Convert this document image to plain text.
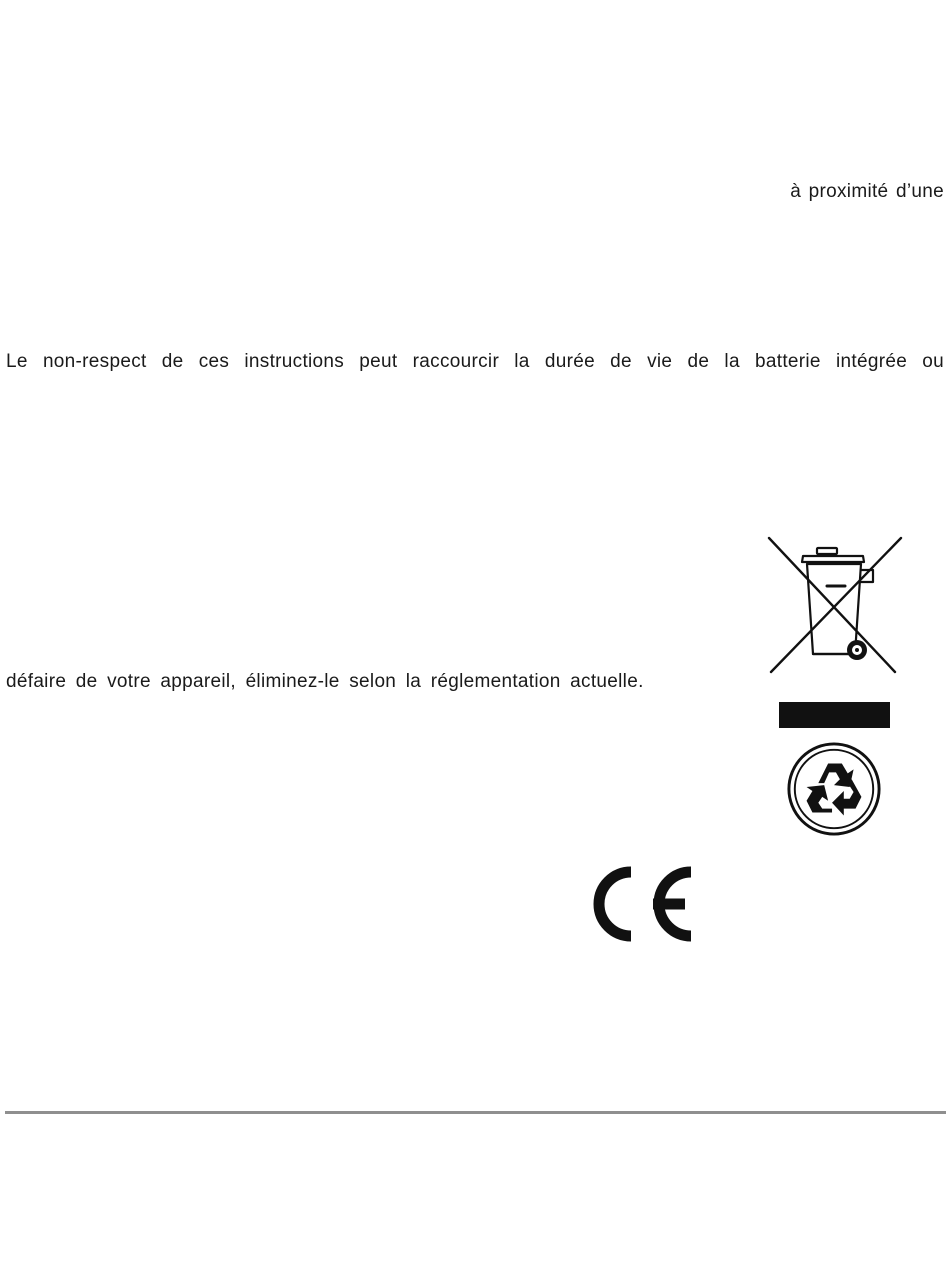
à proximité d’une
Le non-respect de ces instructions peut raccourcir la durée de vie de la batterie intégrée ou
défaire de votre appareil, éliminez-le selon la réglementation actuelle.
